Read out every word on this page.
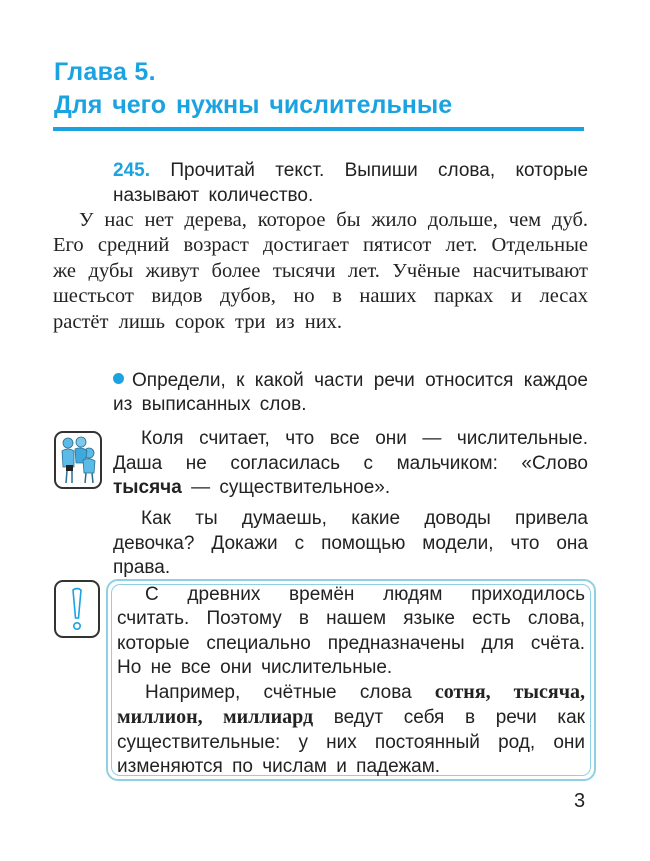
Глава 5.
Для чего нужны числительные
245. Прочитай текст. Выпиши слова, которые называют количество.

У нас нет дерева, которое бы жило дольше, чем дуб. Его средний возраст достигает пятисот лет. Отдельные же дубы живут более тысячи лет. Учёные насчитывают шестьсот видов дубов, но в наших парках и лесах растёт лишь сорок три из них.

Определи, к какой части речи относится каждое из выписанных слов.

Коля считает, что все они — числительные. Даша не согласилась с мальчиком: «Слово тысяча — существительное».

Как ты думаешь, какие доводы привела девочка? Докажи с помощью модели, что она права.

С древних времён людям приходилось считать. Поэтому в нашем языке есть слова, которые специально предназначены для счёта. Но не все они числительные.

Например, счётные слова сотня, тысяча, миллион, миллиард ведут себя в речи как существительные: у них постоянный род, они изменяются по числам и падежам.

3
